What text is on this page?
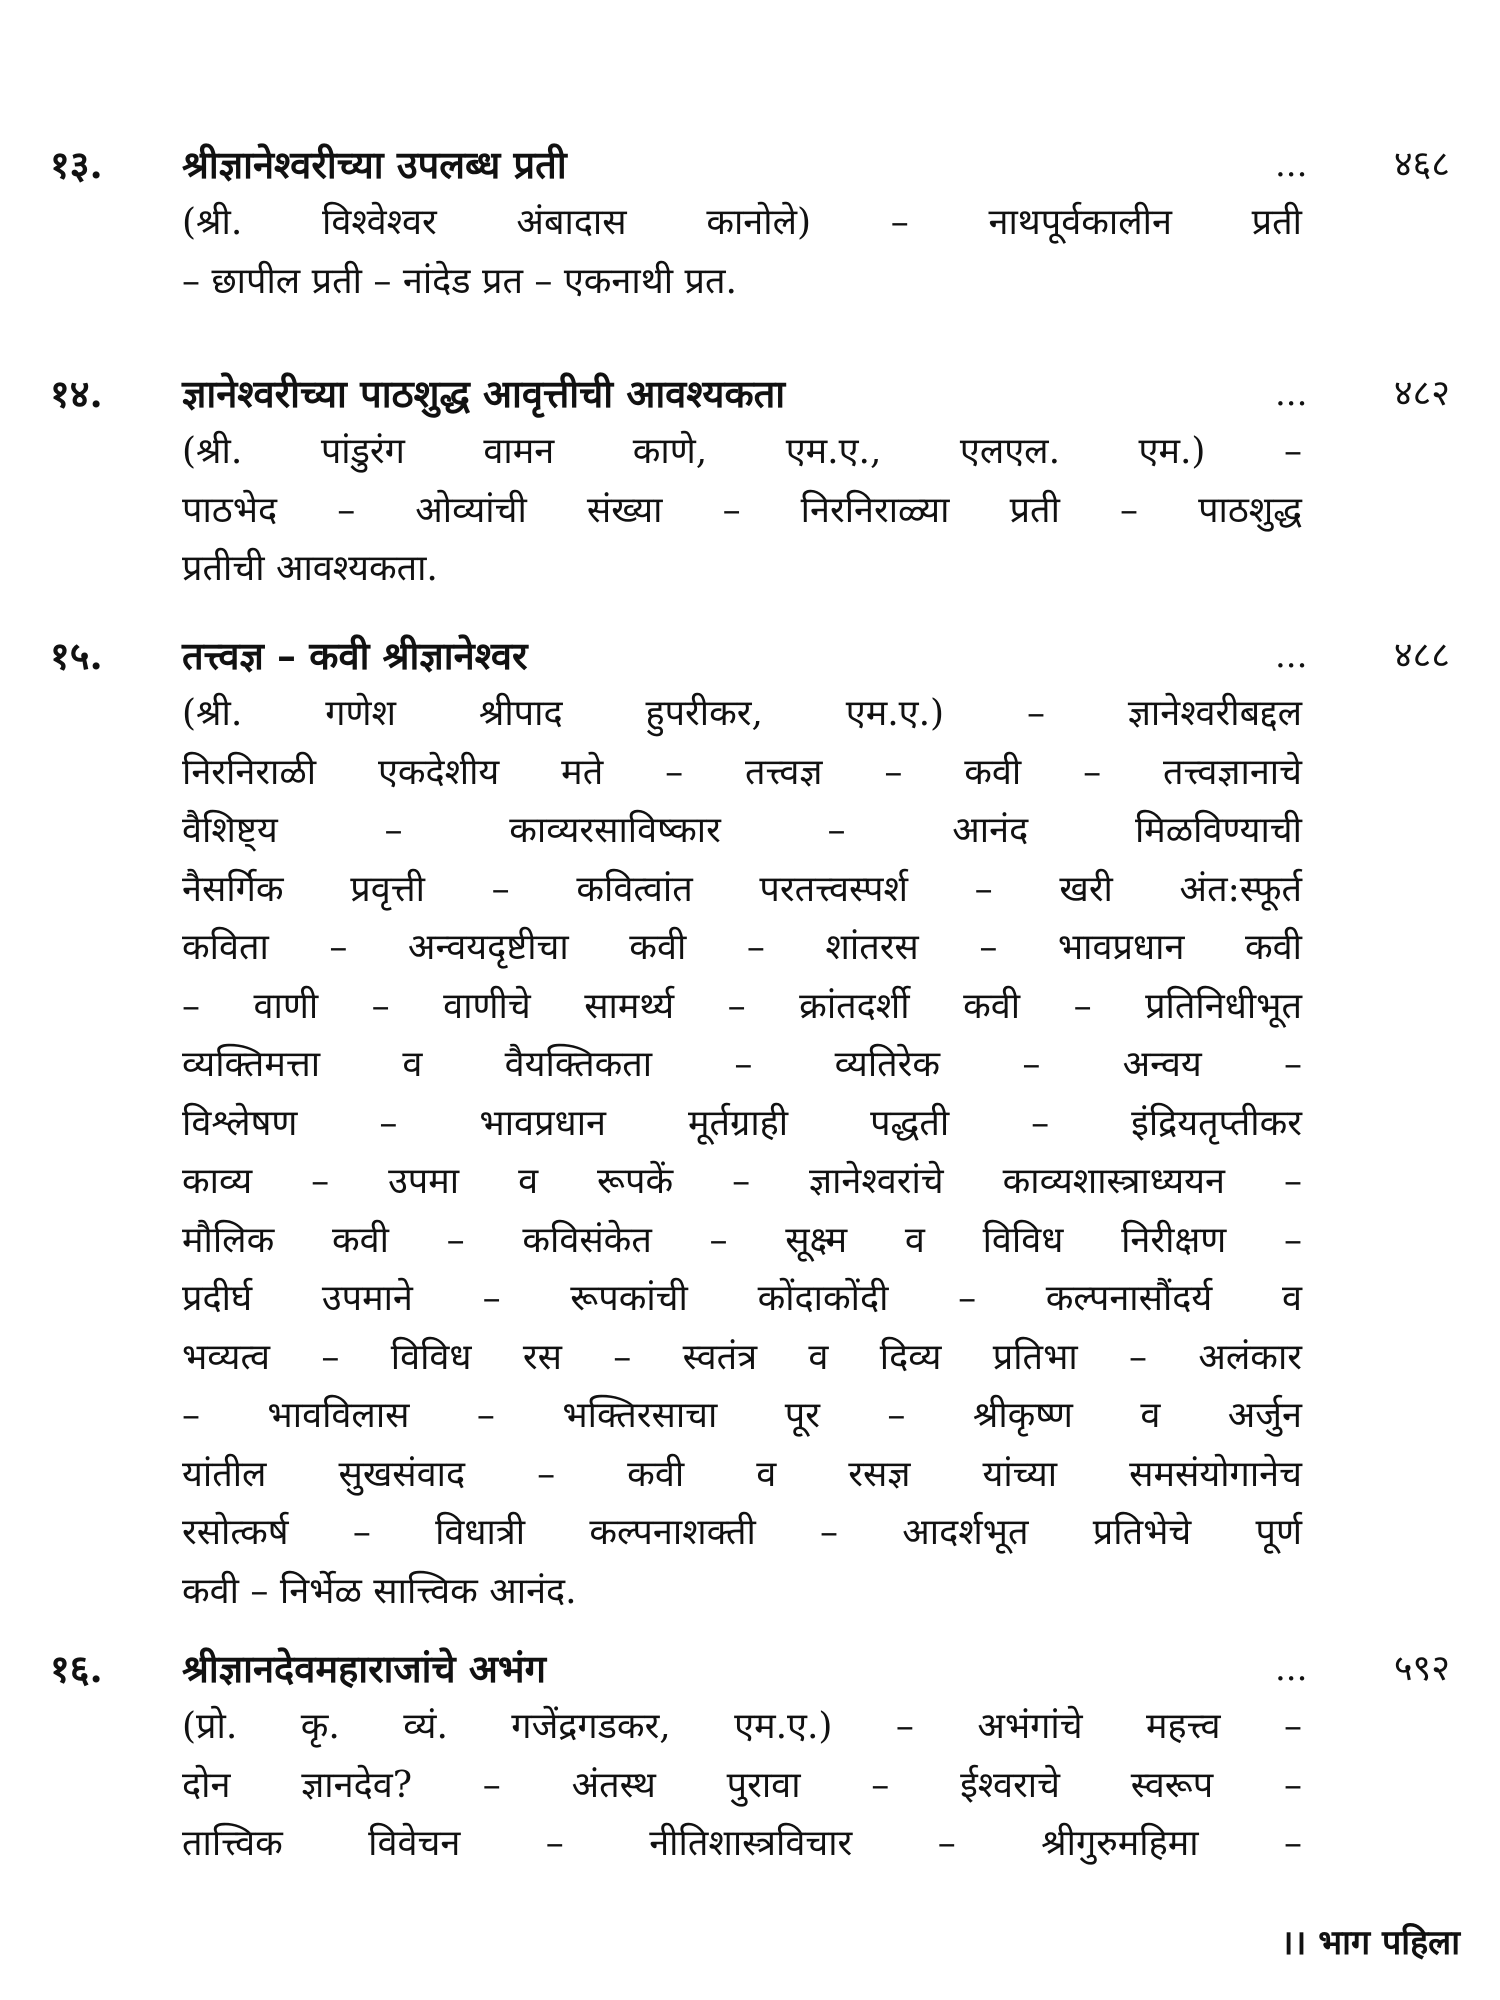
१३.	श्रीज्ञानेश्वरीच्या उपलब्ध प्रती	... ४६८
(श्री. विश्वेश्वर अंबादास कानोले) – नाथपूर्वकालीन प्रती
– छापील प्रती – नांदेड प्रत – एकनाथी प्रत.
१४.	ज्ञानेश्वरीच्या पाठशुद्ध आवृत्तीची आवश्यकता	... ४८२
(श्री. पांडुरंग वामन काणे, एम.ए., एलएल. एम.) –
पाठभेद – ओव्यांची संख्या – निरनिराळ्या प्रती – पाठशुद्ध
प्रतीची आवश्यकता.
१५.	तत्त्वज्ञ – कवी श्रीज्ञानेश्वर	... ४८८
(श्री. गणेश श्रीपाद हुपरीकर, एम.ए.) – ज्ञानेश्वरीबद्दल
निरनिराळी एकदेशीय मते – तत्त्वज्ञ – कवी – तत्त्वज्ञानाचे
वैशिष्ट्य – काव्यरसाविष्कार – आनंद मिळविण्याची
नैसर्गिक प्रवृत्ती – कवित्वांत परतत्त्वस्पर्श – खरी अंत:स्फूर्त
कविता – अन्वयदृष्टीचा कवी – शांतरस – भावप्रधान कवी
– वाणी – वाणीचे सामर्थ्य – क्रांतदर्शी कवी – प्रतिनिधीभूत
व्यक्तिमत्ता व वैयक्तिकता – व्यतिरेक – अन्वय –
विश्लेषण – भावप्रधान मूर्तग्राही पद्धती – इंद्रियतृप्तीकर
काव्य – उपमा व रूपकें – ज्ञानेश्वरांचे काव्यशास्त्राध्ययन –
मौलिक कवी – कविसंकेत – सूक्ष्म व विविध निरीक्षण –
प्रदीर्घ उपमाने – रूपकांची कोंदाकोंदी – कल्पनासौंदर्य व
भव्यत्व – विविध रस – स्वतंत्र व दिव्य प्रतिभा – अलंकार
– भावविलास – भक्तिरसाचा पूर – श्रीकृष्ण व अर्जुन
यांतील सुखसंवाद – कवी व रसज्ञ यांच्या समसंयोगानेच
रसोत्कर्ष – विधात्री कल्पनाशक्ती – आदर्शभूत प्रतिभेचे पूर्ण
कवी – निर्भेळ सात्त्विक आनंद.
१६.	श्रीज्ञानदेवमहाराजांचे अभंग	... ५९२
(प्रो. कृ. व्यं. गजेंद्रगडकर, एम.ए.) – अभंगांचे महत्त्व –
दोन ज्ञानदेव? – अंतस्थ पुरावा – ईश्वराचे स्वरूप –
तात्त्विक विवेचन – नीतिशास्त्रविचार – श्रीगुरुमहिमा –
।। भाग पहिला
